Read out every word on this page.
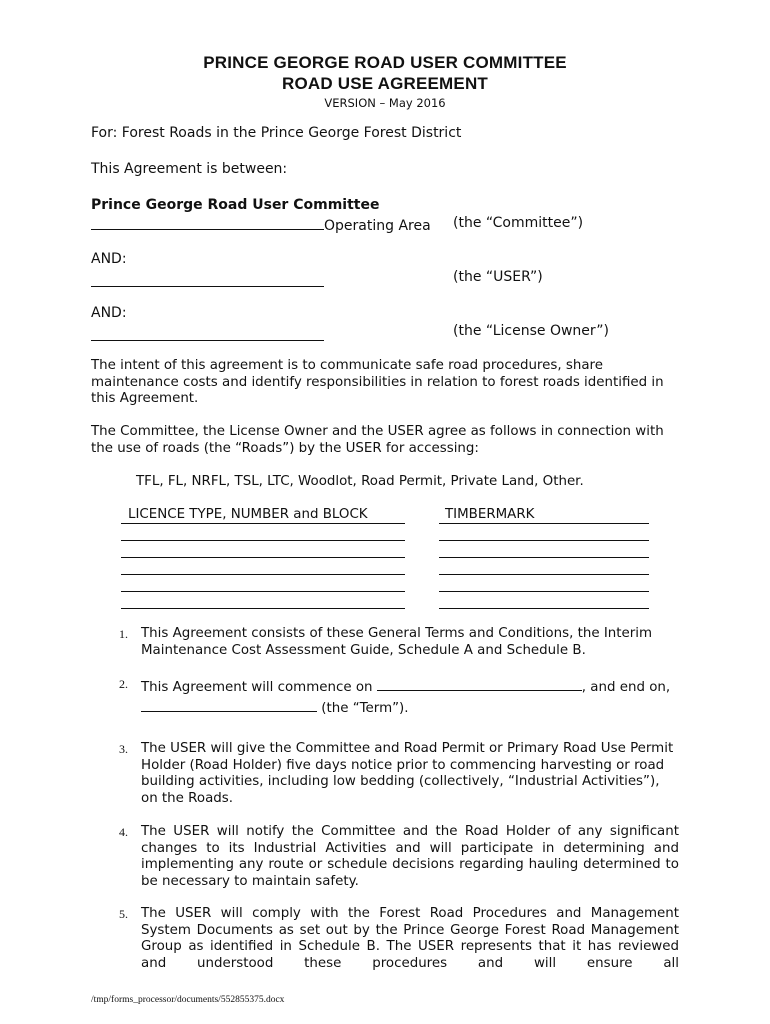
PRINCE GEORGE ROAD USER COMMITTEE
ROAD USE AGREEMENT
VERSION – May 2016
For: Forest Roads in the Prince George Forest District
This Agreement is between:
Prince George Road User Committee
Operating Area (the “Committee”)
AND:
(the “USER”)
AND:
(the “License Owner”)
The intent of this agreement is to communicate safe road procedures, share maintenance costs and identify responsibilities in relation to forest roads identified in this Agreement.
The Committee, the License Owner and the USER agree as follows in connection with the use of roads (the “Roads”) by the USER for accessing:
TFL, FL, NRFL, TSL, LTC, Woodlot, Road Permit, Private Land, Other.
LICENCE TYPE, NUMBER and BLOCK	TIMBERMARK
1. This Agreement consists of these General Terms and Conditions, the Interim Maintenance Cost Assessment Guide, Schedule A and Schedule B.
2. This Agreement will commence on	, and end on,
(the “Term”).
3. The USER will give the Committee and Road Permit or Primary Road Use Permit Holder (Road Holder) five days notice prior to commencing harvesting or road building activities, including low bedding (collectively, “Industrial Activities”), on the Roads.
4. The USER will notify the Committee and the Road Holder of any significant changes to its Industrial Activities and will participate in determining and implementing any route or schedule decisions regarding hauling determined to be necessary to maintain safety.
5. The USER will comply with the Forest Road Procedures and Management System Documents as set out by the Prince George Forest Road Management Group as identified in Schedule B. The USER represents that it has reviewed and understood these procedures and will ensure all
/tmp/forms_processor/documents/552855375.docx
